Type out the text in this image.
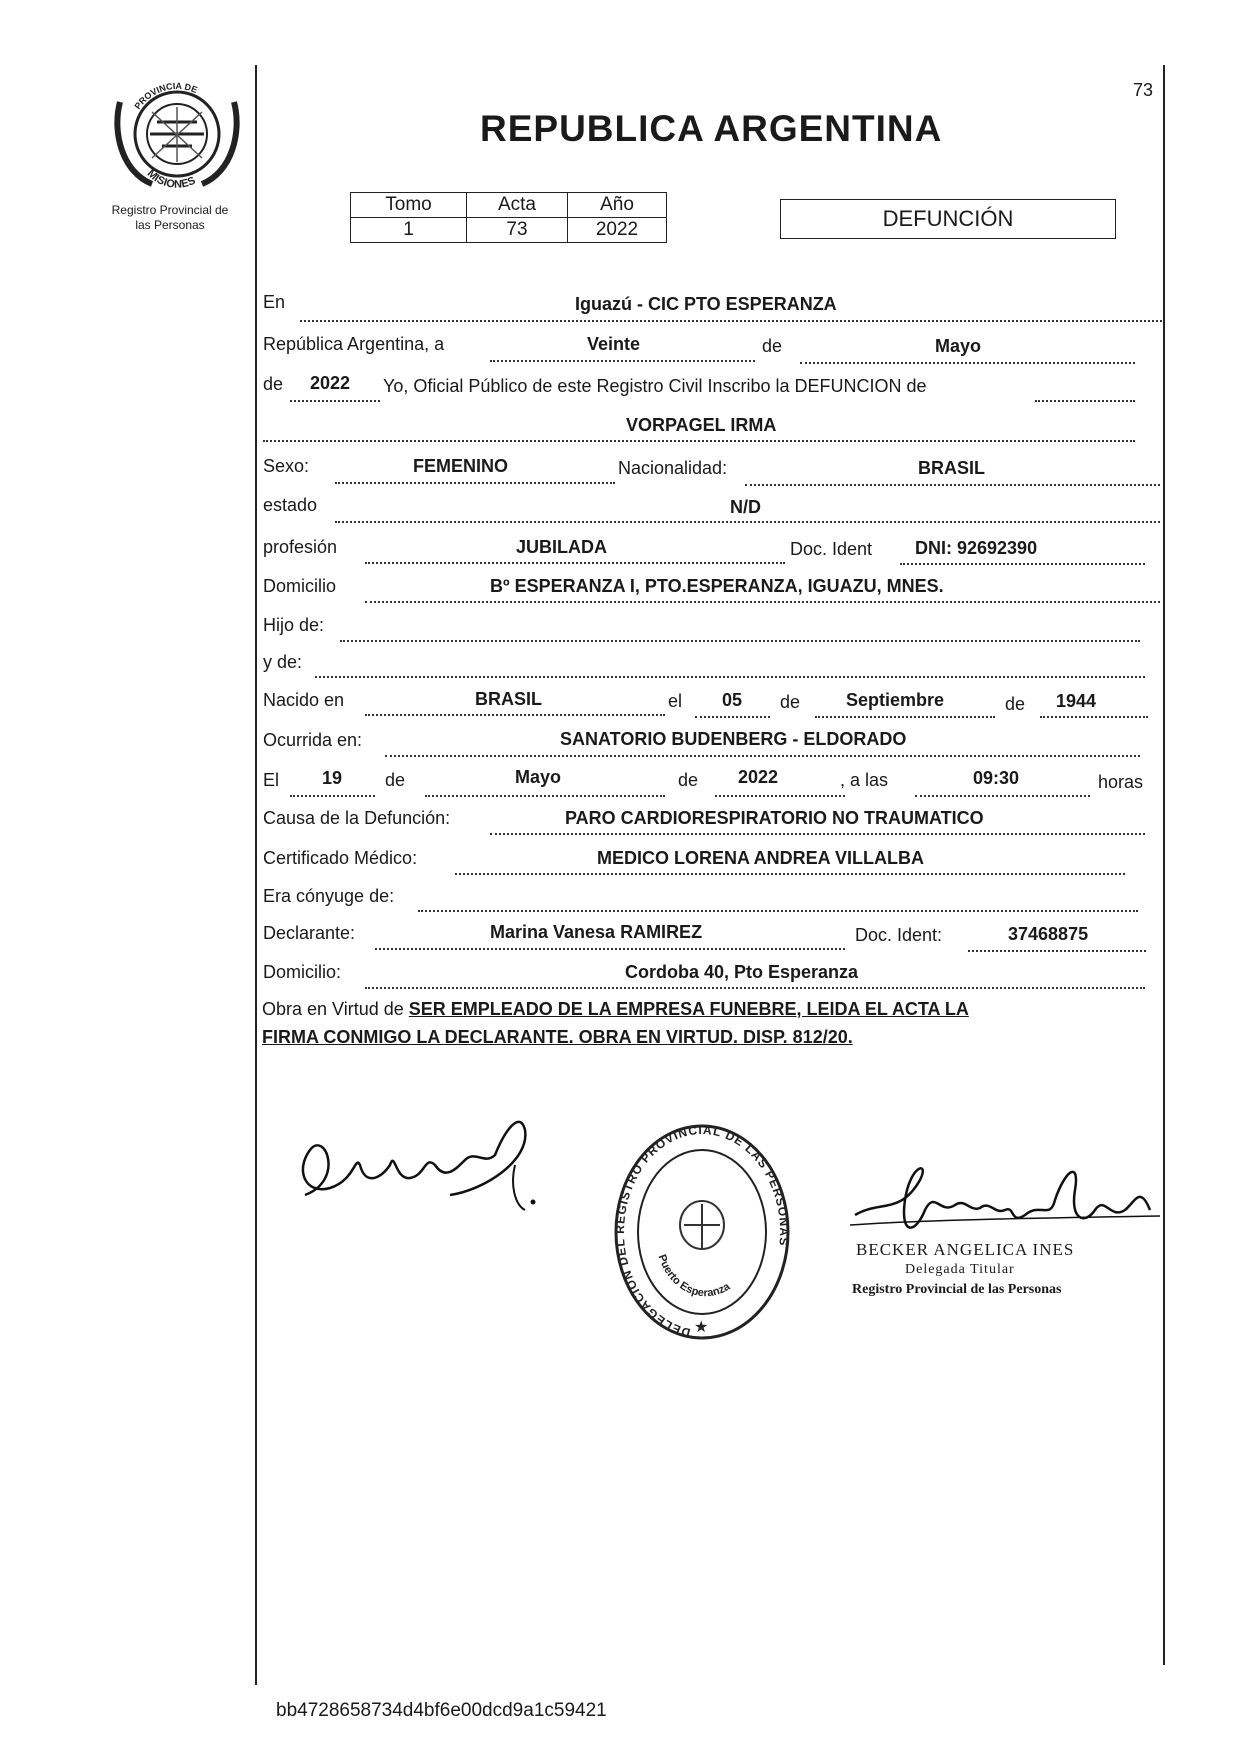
PROVINCIA DE
MISIONES
Registro Provincial de
las Personas
73
REPUBLICA ARGENTINA
Tomo	Acta	Año
1	73	2022	DEFUNCIÓN
En	Iguazú - CIC PTO ESPERANZA
República Argentina, a	Veinte	de	Mayo
de 2022 Yo, Oficial Público de este Registro Civil Inscribo la DEFUNCION de
VORPAGEL IRMA
Sexo:	FEMENINO	Nacionalidad:	BRASIL
estado	N/D
profesión	JUBILADA	Doc. Ident DNI: 92692390
Domicilio	Bº ESPERANZA I, PTO.ESPERANZA, IGUAZU, MNES.
Hijo de:
y de:
Nacido en	BRASIL	el 05 de	Septiembre	de 1944
Ocurrida en:	SANATORIO BUDENBERG - ELDORADO
El 19 de	Mayo	de 2022	, a las	09:30	horas
Causa de la Defunción:	PARO CARDIORESPIRATORIO NO TRAUMATICO
Certificado Médico:	MEDICO LORENA ANDREA VILLALBA
Era cónyuge de:
Declarante:	Marina Vanesa RAMIREZ	Doc. Ident:	37468875
Domicilio:	Cordoba 40, Pto Esperanza
Obra en Virtud de SER EMPLEADO DE LA EMPRESA FUNEBRE, LEIDA EL ACTA LA
FIRMA CONMIGO LA DECLARANTE. OBRA EN VIRTUD. DISP. 812/20.
DELEGACION DEL REGISTRO PROVINCIAL DE LAS PERSONAS
Puerto Esperanza
★
BECKER ANGELICA INES
Delegada Titular
Registro Provincial de las Personas
bb4728658734d4bf6e00dcd9a1c59421
